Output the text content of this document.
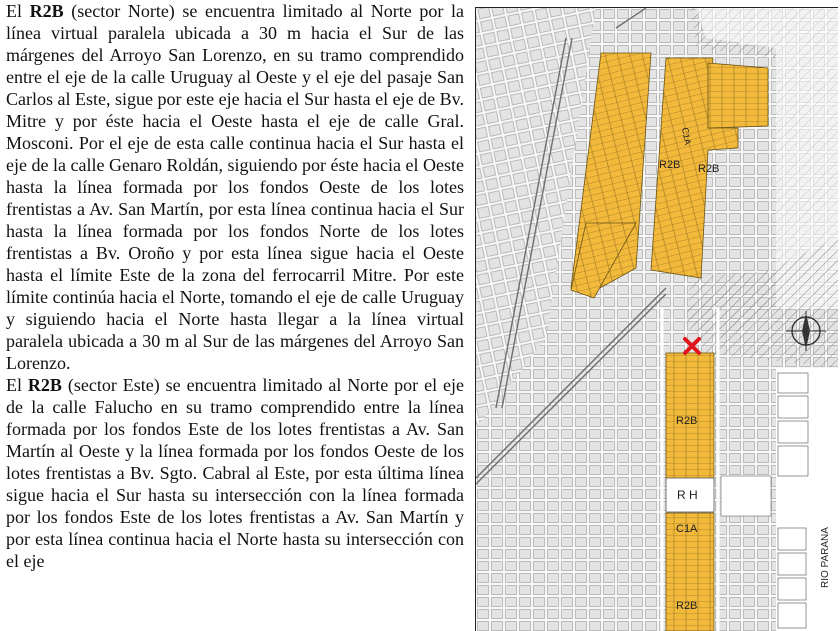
El R2B (sector Norte) se encuentra limitado al Norte por la línea virtual paralela ubicada a 30 m hacia el Sur de las márgenes del Arroyo San Lorenzo, en su tramo comprendido entre el eje de la calle Uruguay al Oeste y el eje del pasaje San Carlos al Este, sigue por este eje hacia el Sur hasta el eje de Bv. Mitre y por éste hacia el Oeste hasta el eje de calle Gral. Mosconi. Por el eje de esta calle continua hacia el Sur hasta el eje de la calle Genaro Roldán, siguiendo por éste hacia el Oeste hasta la línea formada por los fondos Oeste de los lotes frentistas a Av. San Martín, por esta línea continua hacia el Sur hasta la línea formada por los fondos Norte de los lotes frentistas a Bv. Oroño y por esta línea sigue hacia el Oeste hasta el límite Este de la zona del ferrocarril Mitre. Por este límite continúa hacia el Norte, tomando el eje de calle Uruguay y siguiendo hacia el Norte hasta llegar a la línea virtual paralela ubicada a 30 m al Sur de las márgenes del Arroyo San Lorenzo.

El R2B (sector Este) se encuentra limitado al Norte por el eje de la calle Falucho en su tramo comprendido entre la línea formada por los fondos Este de los lotes frentistas a Av. San Martín al Oeste y la línea formada por los fondos Oeste de los lotes frentistas a Bv. Sgto. Cabral al Este, por esta última línea sigue hacia el Sur hasta su intersección con la línea formada por los fondos Este de los lotes frentistas a Av. San Martín y por esta línea continua hacia el Norte hasta su intersección con el eje

R2B R2B
C1A
R2B
R H
C1A
R2B
RIO PARANA
